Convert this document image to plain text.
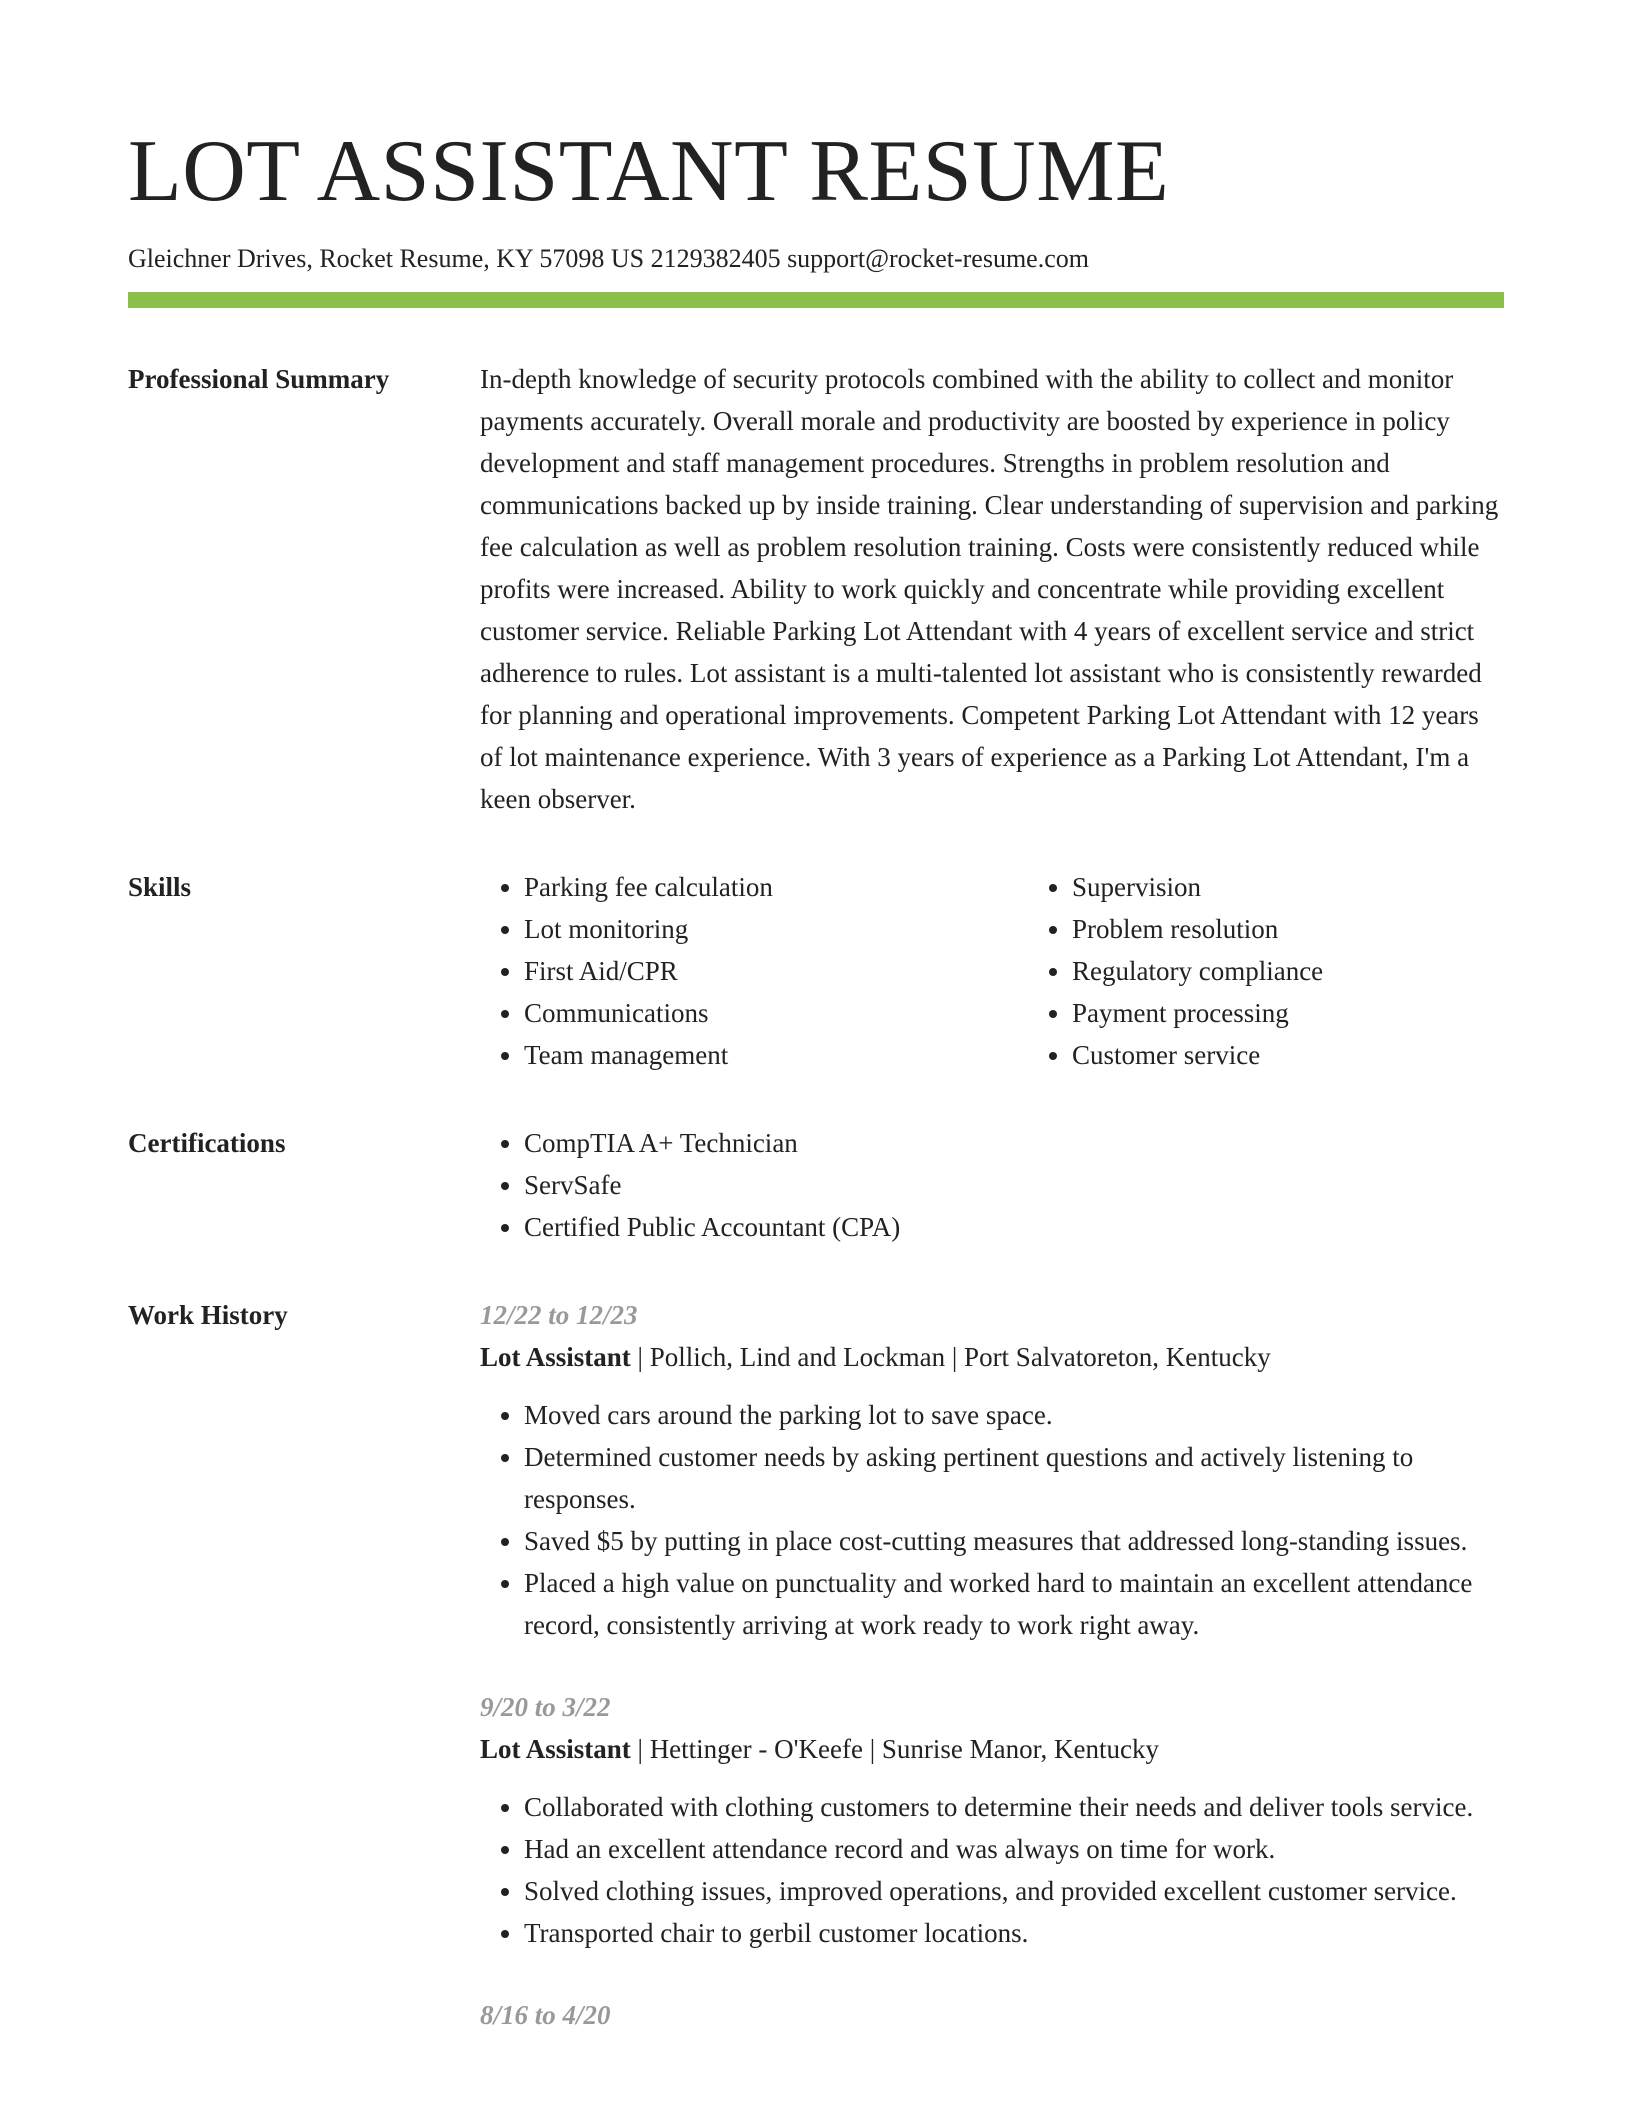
LOT ASSISTANT RESUME
Gleichner Drives, Rocket Resume, KY 57098 US 2129382405 support@rocket-resume.com
Professional Summary	In-depth knowledge of security protocols combined with the ability to collect and monitor payments accurately. Overall morale and productivity are boosted by experience in policy development and staff management procedures. Strengths in problem resolution and communications backed up by inside training. Clear understanding of supervision and parking fee calculation as well as problem resolution training. Costs were consistently reduced while profits were increased. Ability to work quickly and concentrate while providing excellent customer service. Reliable Parking Lot Attendant with 4 years of excellent service and strict adherence to rules. Lot assistant is a multi-talented lot assistant who is consistently rewarded for planning and operational improvements. Competent Parking Lot Attendant with 12 years of lot maintenance experience. With 3 years of experience as a Parking Lot Attendant, I'm a keen observer.

Skills	• Parking fee calculation
• Lot monitoring
• First Aid/CPR
• Communications
• Team management
• Supervision
• Problem resolution
• Regulatory compliance
• Payment processing
• Customer service
Certifications	• CompTIA A+ Technician
• ServSafe
• Certified Public Accountant (CPA)
Work History	12/22 to 12/23
Lot Assistant | Pollich, Lind and Lockman | Port Salvatoreton, Kentucky
• Moved cars around the parking lot to save space.
• Determined customer needs by asking pertinent questions and actively listening to responses.
• Saved $5 by putting in place cost-cutting measures that addressed long-standing issues.
• Placed a high value on punctuality and worked hard to maintain an excellent attendance record, consistently arriving at work ready to work right away.
9/20 to 3/22
Lot Assistant | Hettinger - O'Keefe | Sunrise Manor, Kentucky
• Collaborated with clothing customers to determine their needs and deliver tools service.
• Had an excellent attendance record and was always on time for work.
• Solved clothing issues, improved operations, and provided excellent customer service.
• Transported chair to gerbil customer locations.
8/16 to 4/20
